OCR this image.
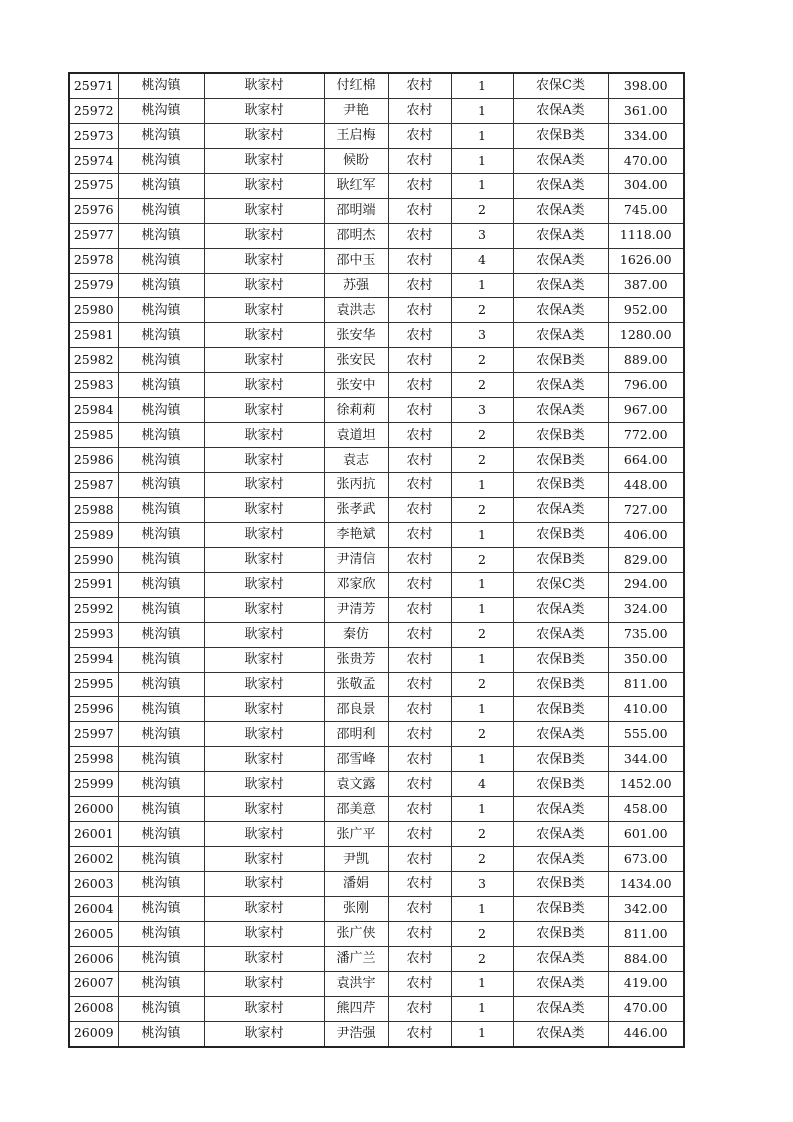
25971	桃沟镇	耿家村	付红棉	农村	1	农保C类	398.00
25972	桃沟镇	耿家村	尹艳	农村	1	农保A类	361.00
25973	桃沟镇	耿家村	王启梅	农村	1	农保B类	334.00
25974	桃沟镇	耿家村	候盼	农村	1	农保A类	470.00
25975	桃沟镇	耿家村	耿红军	农村	1	农保A类	304.00
25976	桃沟镇	耿家村	邵明端	农村	2	农保A类	745.00
25977	桃沟镇	耿家村	邵明杰	农村	3	农保A类	1118.00
25978	桃沟镇	耿家村	邵中玉	农村	4	农保A类	1626.00
25979	桃沟镇	耿家村	苏强	农村	1	农保A类	387.00
25980	桃沟镇	耿家村	袁洪志	农村	2	农保A类	952.00
25981	桃沟镇	耿家村	张安华	农村	3	农保A类	1280.00
25982	桃沟镇	耿家村	张安民	农村	2	农保B类	889.00
25983	桃沟镇	耿家村	张安中	农村	2	农保A类	796.00
25984	桃沟镇	耿家村	徐莉莉	农村	3	农保A类	967.00
25985	桃沟镇	耿家村	袁道坦	农村	2	农保B类	772.00
25986	桃沟镇	耿家村	袁志	农村	2	农保B类	664.00
25987	桃沟镇	耿家村	张丙抗	农村	1	农保B类	448.00
25988	桃沟镇	耿家村	张孝武	农村	2	农保A类	727.00
25989	桃沟镇	耿家村	李艳斌	农村	1	农保B类	406.00
25990	桃沟镇	耿家村	尹清信	农村	2	农保B类	829.00
25991	桃沟镇	耿家村	邓家欣	农村	1	农保C类	294.00
25992	桃沟镇	耿家村	尹清芳	农村	1	农保A类	324.00
25993	桃沟镇	耿家村	秦仿	农村	2	农保A类	735.00
25994	桃沟镇	耿家村	张贵芳	农村	1	农保B类	350.00
25995	桃沟镇	耿家村	张敬孟	农村	2	农保B类	811.00
25996	桃沟镇	耿家村	邵良景	农村	1	农保B类	410.00
25997	桃沟镇	耿家村	邵明利	农村	2	农保A类	555.00
25998	桃沟镇	耿家村	邵雪峰	农村	1	农保B类	344.00
25999	桃沟镇	耿家村	袁文露	农村	4	农保B类	1452.00
26000	桃沟镇	耿家村	邵美意	农村	1	农保A类	458.00
26001	桃沟镇	耿家村	张广平	农村	2	农保A类	601.00
26002	桃沟镇	耿家村	尹凯	农村	2	农保A类	673.00
26003	桃沟镇	耿家村	潘娟	农村	3	农保B类	1434.00
26004	桃沟镇	耿家村	张刚	农村	1	农保B类	342.00
26005	桃沟镇	耿家村	张广侠	农村	2	农保B类	811.00
26006	桃沟镇	耿家村	潘广兰	农村	2	农保A类	884.00
26007	桃沟镇	耿家村	袁洪宇	农村	1	农保A类	419.00
26008	桃沟镇	耿家村	熊四芹	农村	1	农保A类	470.00
26009	桃沟镇	耿家村	尹浩强	农村	1	农保A类	446.00
